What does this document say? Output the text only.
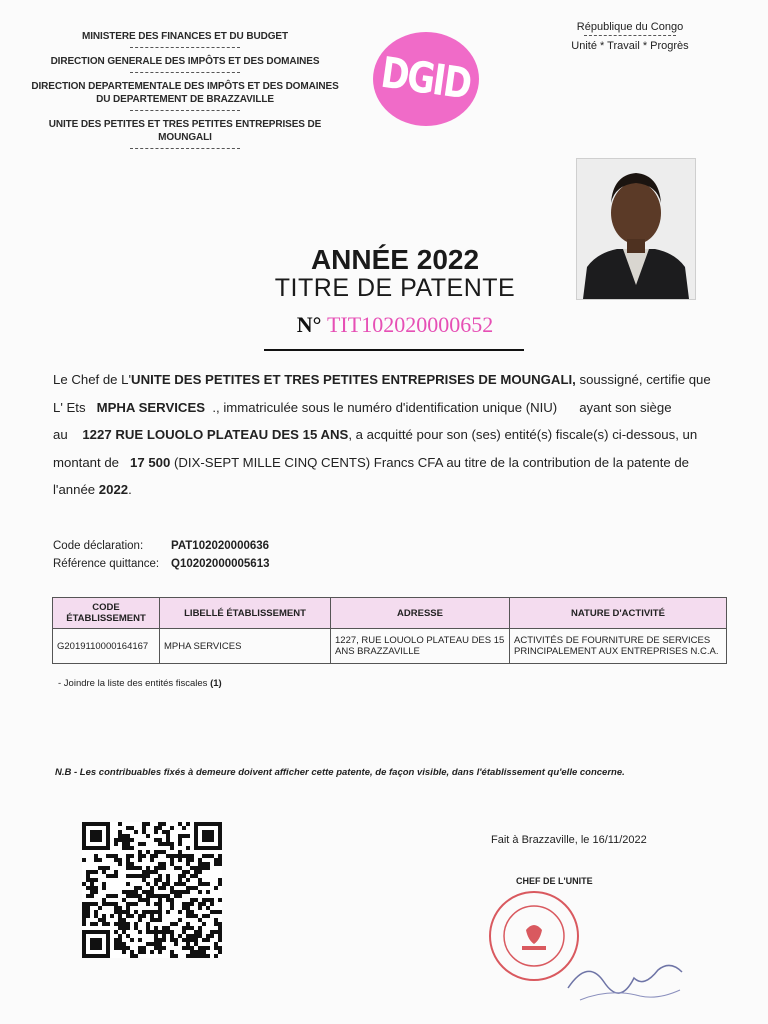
MINISTERE DES FINANCES ET DU BUDGET
DIRECTION GENERALE DES IMPÔTS ET DES DOMAINES
DIRECTION DEPARTEMENTALE DES IMPÔTS ET DES DOMAINES DU DEPARTEMENT DE BRAZZAVILLE
UNITE DES PETITES ET TRES PETITES ENTREPRISES DE MOUNGALI
République du Congo
Unité * Travail * Progrès
DGID
ANNÉE 2022
TITRE DE PATENTE
N° TIT102020000652
Le Chef de L'UNITE DES PETITES ET TRES PETITES ENTREPRISES DE MOUNGALI, soussigné, certifie que
L' Ets MPHA SERVICES ., immatriculée sous le numéro d'identification unique (NIU) ayant son siège
au 1227 RUE LOUOLO PLATEAU DES 15 ANS, a acquitté pour son (ses) entité(s) fiscale(s) ci-dessous, un
montant de 17 500 (DIX-SEPT MILLE CINQ CENTS) Francs CFA au titre de la contribution de la patente de
l'année 2022.
Code déclaration: PAT102020000636
Référence quittance: Q10202000005613
CODE ÉTABLISSEMENT	LIBELLÉ ÉTABLISSEMENT	ADRESSE	NATURE D'ACTIVITÉ
G2019110000164167	MPHA SERVICES	1227, RUE LOUOLO PLATEAU DES 15 ANS BRAZZAVILLE	ACTIVITÉS DE FOURNITURE DE SERVICES PRINCIPALEMENT AUX ENTREPRISES N.C.A.
- Joindre la liste des entités fiscales (1)
N.B - Les contribuables fixés à demeure doivent afficher cette patente, de façon visible, dans l'établissement qu'elle concerne.
Fait à Brazzaville, le 16/11/2022
CHEF DE L'UNITE
